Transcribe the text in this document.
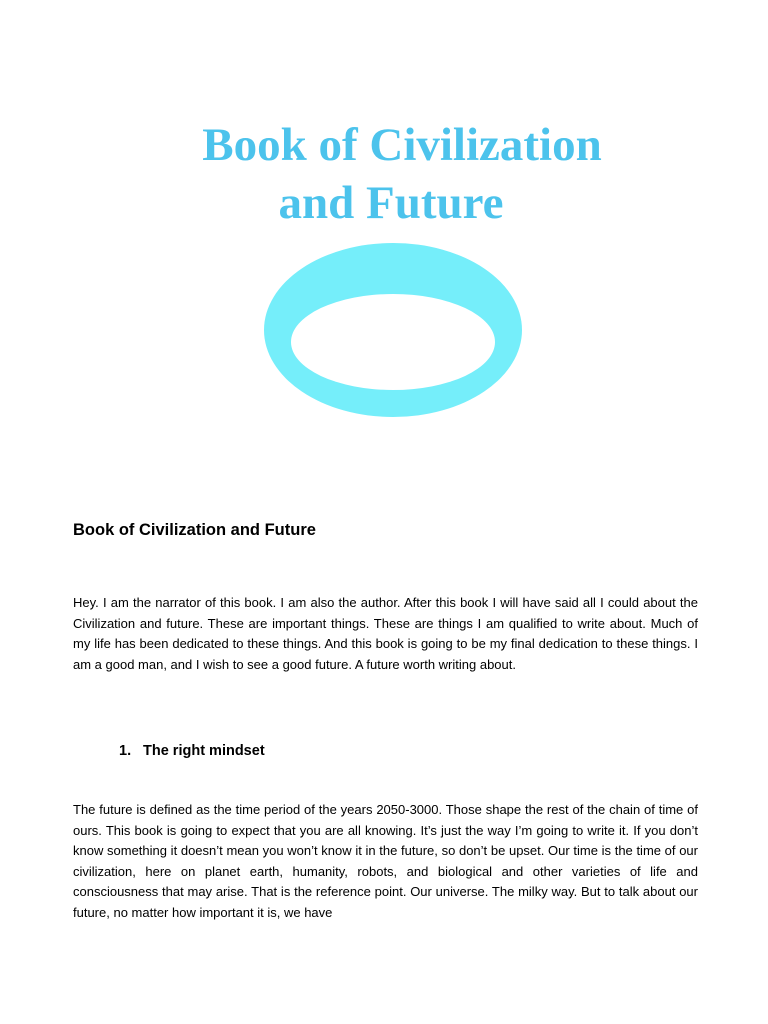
Book of Civilization
and Future
Book of Civilization and Future

Hey. I am the narrator of this book. I am also the author. After this book I will have said all I could about the Civilization and future. These are important things. These are things I am qualified to write about. Much of my life has been dedicated to these things. And this book is going to be my final dedication to these things. I am a good man, and I wish to see a good future. A future worth writing about.

1. The right mindset

The future is defined as the time period of the years 2050-3000. Those shape the rest of the chain of time of ours. This book is going to expect that you are all knowing. It’s just the way I’m going to write it. If you don’t know something it doesn’t mean you won’t know it in the future, so don’t be upset. Our time is the time of our civilization, here on planet earth, humanity, robots, and biological and other varieties of life and consciousness that may arise. That is the reference point. Our universe. The milky way. But to talk about our future, no matter how important it is, we have
